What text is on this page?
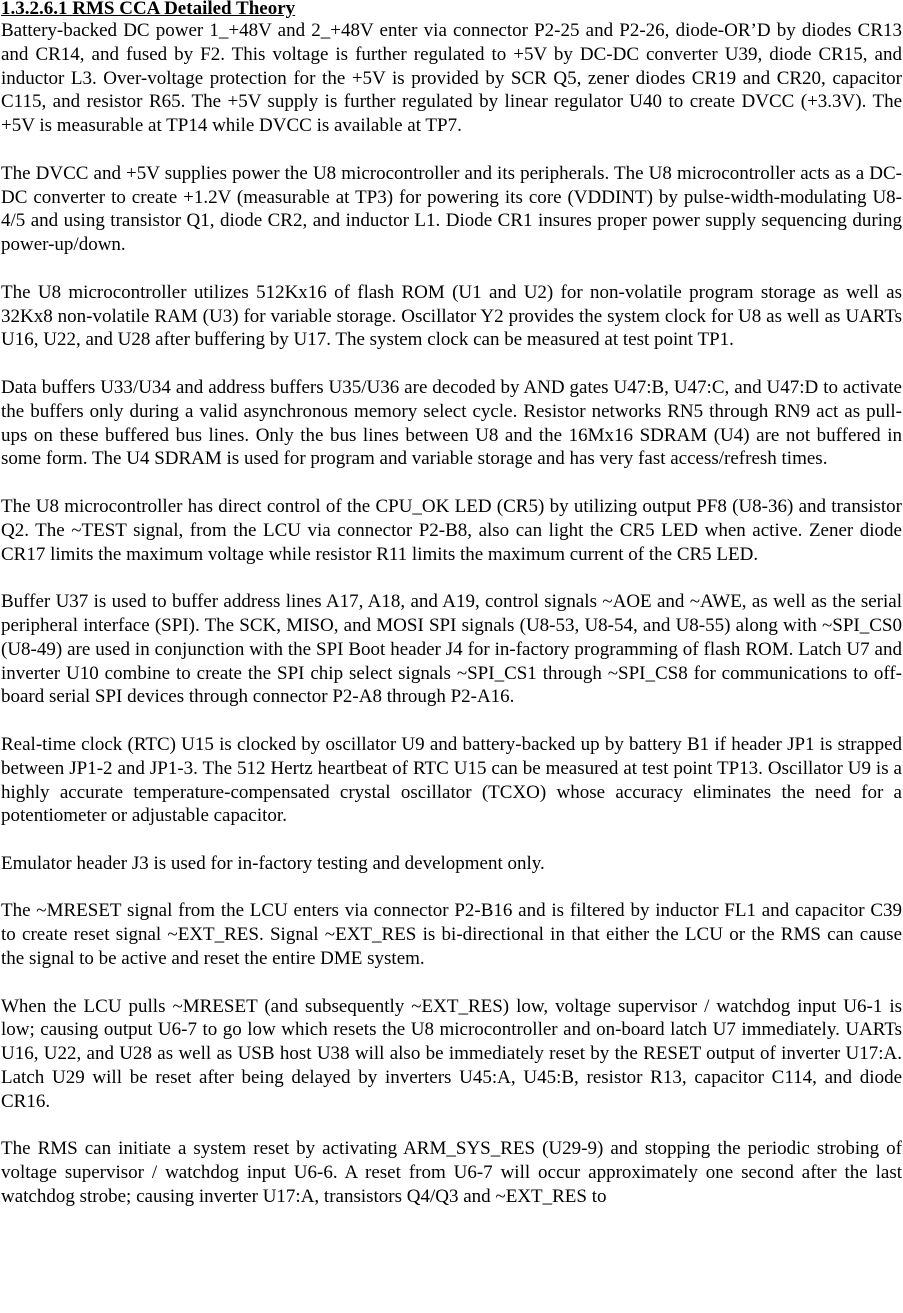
1.3.2.6.1 RMS CCA Detailed Theory

Battery-backed DC power 1_+48V and 2_+48V enter via connector P2-25 and P2-26, diode-OR’D by diodes CR13 and CR14, and fused by F2. This voltage is further regulated to +5V by DC-DC converter U39, diode CR15, and inductor L3. Over-voltage protection for the +5V is provided by SCR Q5, zener diodes CR19 and CR20, capacitor C115, and resistor R65. The +5V supply is further regulated by linear regulator U40 to create DVCC (+3.3V). The +5V is measurable at TP14 while DVCC is available at TP7.

The DVCC and +5V supplies power the U8 microcontroller and its peripherals. The U8 microcontroller acts as a DC-DC converter to create +1.2V (measurable at TP3) for powering its core (VDDINT) by pulse-width-modulating U8-4/5 and using transistor Q1, diode CR2, and inductor L1. Diode CR1 insures proper power supply sequencing during power-up/down.

The U8 microcontroller utilizes 512Kx16 of flash ROM (U1 and U2) for non-volatile program storage as well as 32Kx8 non-volatile RAM (U3) for variable storage. Oscillator Y2 provides the system clock for U8 as well as UARTs U16, U22, and U28 after buffering by U17. The system clock can be measured at test point TP1.

Data buffers U33/U34 and address buffers U35/U36 are decoded by AND gates U47:B, U47:C, and U47:D to activate the buffers only during a valid asynchronous memory select cycle. Resistor networks RN5 through RN9 act as pull-ups on these buffered bus lines. Only the bus lines between U8 and the 16Mx16 SDRAM (U4) are not buffered in some form. The U4 SDRAM is used for program and variable storage and has very fast access/refresh times.

The U8 microcontroller has direct control of the CPU_OK LED (CR5) by utilizing output PF8 (U8-36) and transistor Q2. The ~TEST signal, from the LCU via connector P2-B8, also can light the CR5 LED when active. Zener diode CR17 limits the maximum voltage while resistor R11 limits the maximum current of the CR5 LED.

Buffer U37 is used to buffer address lines A17, A18, and A19, control signals ~AOE and ~AWE, as well as the serial peripheral interface (SPI). The SCK, MISO, and MOSI SPI signals (U8-53, U8-54, and U8-55) along with ~SPI_CS0 (U8-49) are used in conjunction with the SPI Boot header J4 for in-factory programming of flash ROM. Latch U7 and inverter U10 combine to create the SPI chip select signals ~SPI_CS1 through ~SPI_CS8 for communications to off-board serial SPI devices through connector P2-A8 through P2-A16.

Real-time clock (RTC) U15 is clocked by oscillator U9 and battery-backed up by battery B1 if header JP1 is strapped between JP1-2 and JP1-3. The 512 Hertz heartbeat of RTC U15 can be measured at test point TP13. Oscillator U9 is a highly accurate temperature-compensated crystal oscillator (TCXO) whose accuracy eliminates the need for a potentiometer or adjustable capacitor.

Emulator header J3 is used for in-factory testing and development only.

The ~MRESET signal from the LCU enters via connector P2-B16 and is filtered by inductor FL1 and capacitor C39 to create reset signal ~EXT_RES. Signal ~EXT_RES is bi-directional in that either the LCU or the RMS can cause the signal to be active and reset the entire DME system.

When the LCU pulls ~MRESET (and subsequently ~EXT_RES) low, voltage supervisor / watchdog input U6-1 is low; causing output U6-7 to go low which resets the U8 microcontroller and on-board latch U7 immediately. UARTs U16, U22, and U28 as well as USB host U38 will also be immediately reset by the RESET output of inverter U17:A. Latch U29 will be reset after being delayed by inverters U45:A, U45:B, resistor R13, capacitor C114, and diode CR16.

The RMS can initiate a system reset by activating ARM_SYS_RES (U29-9) and stopping the periodic strobing of voltage supervisor / watchdog input U6-6. A reset from U6-7 will occur approximately one second after the last watchdog strobe; causing inverter U17:A, transistors Q4/Q3 and ~EXT_RES to
